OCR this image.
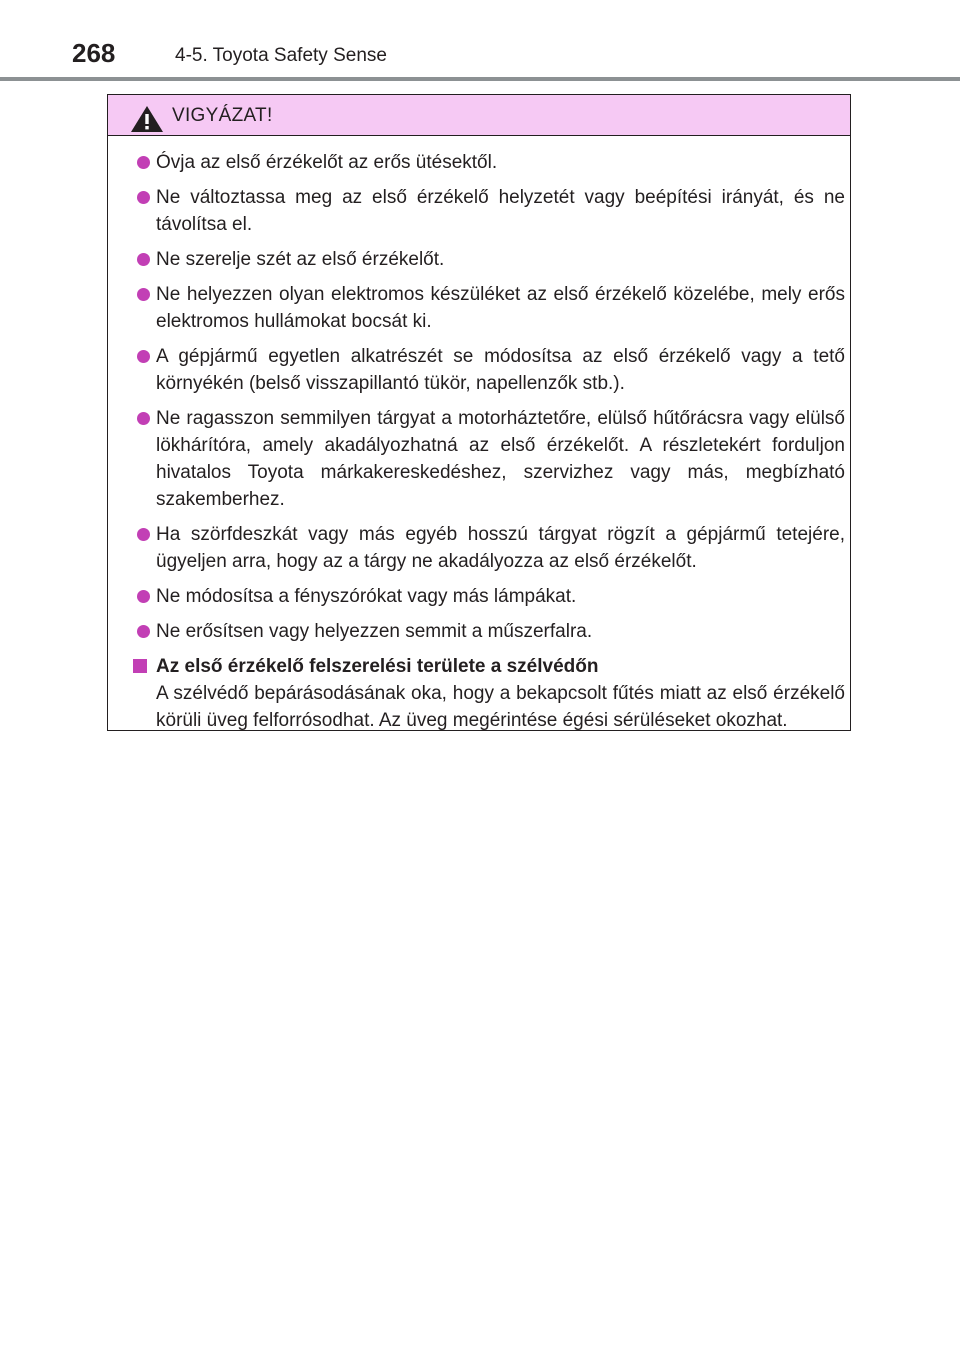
268	4-5. Toyota Safety Sense
VIGYÁZAT!
Óvja az első érzékelőt az erős ütésektől.
Ne változtassa meg az első érzékelő helyzetét vagy beépítési irányát, és ne távolítsa el.
Ne szerelje szét az első érzékelőt.
Ne helyezzen olyan elektromos készüléket az első érzékelő közelébe, mely erős elektromos hullámokat bocsát ki.
A gépjármű egyetlen alkatrészét se módosítsa az első érzékelő vagy a tető környékén (belső visszapillantó tükör, napellenzők stb.).
Ne ragasszon semmilyen tárgyat a motorháztetőre, elülső hűtőrácsra vagy elülső lökhárítóra, amely akadályozhatná az első érzékelőt. A részletekért forduljon hivatalos Toyota márkakereskedéshez, szervizhez vagy más, megbízható szakemberhez.
Ha szörfdeszkát vagy más egyéb hosszú tárgyat rögzít a gépjármű tetejére, ügyeljen arra, hogy az a tárgy ne akadályozza az első érzékelőt.
Ne módosítsa a fényszórókat vagy más lámpákat.
Ne erősítsen vagy helyezzen semmit a műszerfalra.
Az első érzékelő felszerelési területe a szélvédőn
A szélvédő bepárásodásának oka, hogy a bekapcsolt fűtés miatt az első érzékelő körüli üveg felforrósodhat. Az üveg megérintése égési sérüléseket okozhat.
